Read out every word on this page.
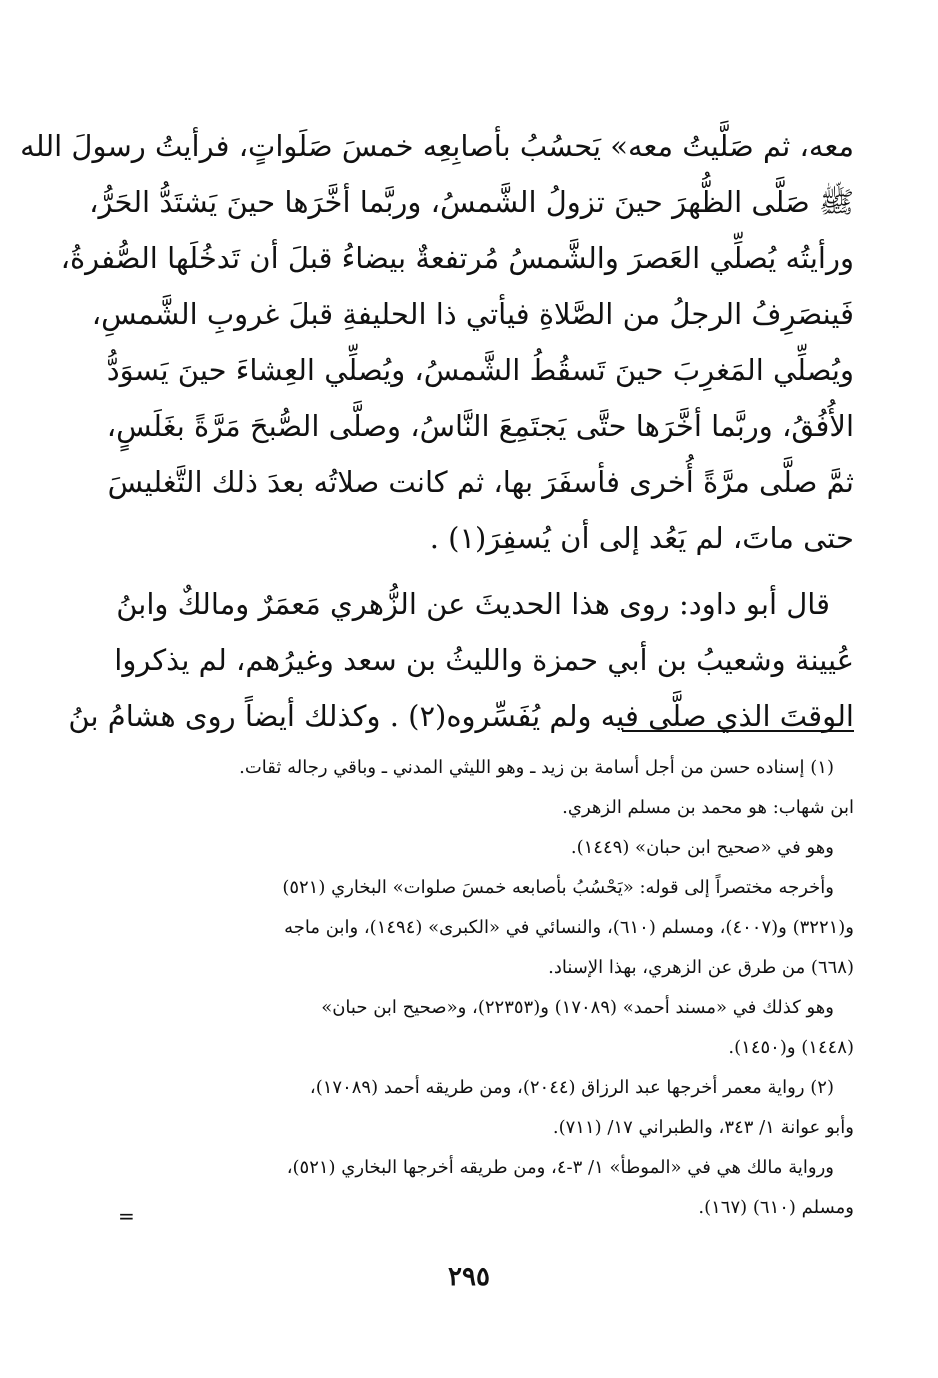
معه، ثم صَلَّيتُ معه» يَحسُبُ بأصابِعِه خمسَ صَلَواتٍ، فرأيتُ رسولَ الله
ﷺ صَلَّى الظُّهرَ حينَ تزولُ الشَّمسُ، وربَّما أخَّرَها حينَ يَشتَدُّ الحَرُّ،
ورأيتُه يُصلِّي العَصرَ والشَّمسُ مُرتفعةٌ بيضاءُ قبلَ أن تَدخُلَها الصُّفرةُ،
فَينصَرِفُ الرجلُ من الصَّلاةِ فيأتي ذا الحليفةِ قبلَ غروبِ الشَّمسِ،
ويُصلِّي المَغرِبَ حينَ تَسقُطُ الشَّمسُ، ويُصلِّي العِشاءَ حينَ يَسوَدُّ
الأُفُقُ، وربَّما أخَّرَها حتَّى يَجتَمِعَ النَّاسُ، وصلَّى الصُّبحَ مَرَّةً بغَلَسٍ،
ثمَّ صلَّى مرَّةً أُخرى فأسفَرَ بها، ثم كانت صلاتُه بعدَ ذلك التَّغليسَ
حتى ماتَ، لم يَعُد إلى أن يُسفِرَ(١) .
قال أبو داود: روى هذا الحديثَ عن الزُّهري مَعمَرٌ ومالكٌ وابنُ
عُيينة وشعيبُ بن أبي حمزة والليثُ بن سعد وغيرُهم، لم يذكروا
الوقتَ الذي صلَّى فيه ولم يُفَسِّروه(٢) . وكذلك أيضاً روى هشامُ بنُ
(١) إسناده حسن من أجل أسامة بن زيد ـ وهو الليثي المدني ـ وباقي رجاله ثقات.
ابن شهاب: هو محمد بن مسلم الزهري.
وهو في «صحيح ابن حبان» (١٤٤٩).
وأخرجه مختصراً إلى قوله: «يَحْسُبُ بأصابعه خمسَ صلوات» البخاري (٥٢١)
و(٣٢٢١) و(٤٠٠٧)، ومسلم (٦١٠)، والنسائي في «الكبرى» (١٤٩٤)، وابن ماجه
(٦٦٨) من طرق عن الزهري، بهذا الإسناد.
وهو كذلك في «مسند أحمد» (١٧٠٨٩) و(٢٢٣٥٣)، و«صحيح ابن حبان»
(١٤٤٨) و(١٤٥٠).
(٢) رواية معمر أخرجها عبد الرزاق (٢٠٤٤)، ومن طريقه أحمد (١٧٠٨٩)،
وأبو عوانة ١/ ٣٤٣، والطبراني ١٧/ (٧١١).
ورواية مالك هي في «الموطأ» ١/ ٣-٤، ومن طريقه أخرجها البخاري (٥٢١)،
ومسلم (٦١٠) (١٦٧).
=
٢٩٥
